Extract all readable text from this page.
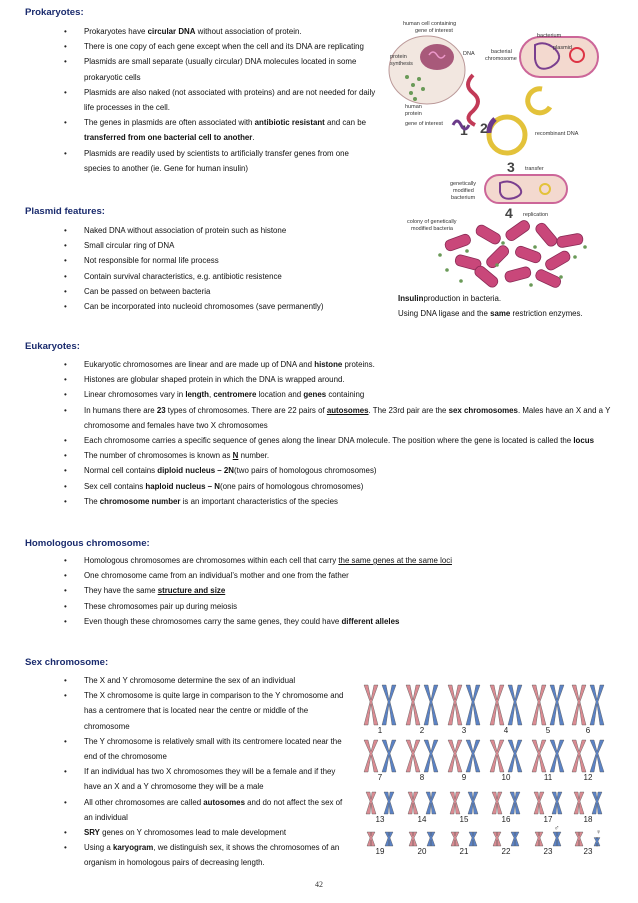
Prokaryotes:
• Prokaryotes have circular DNA without association of protein.
• There is one copy of each gene except when the cell and its DNA are replicating
• Plasmids are small separate (usually circular) DNA molecules located in some prokaryotic cells
• Plasmids are also naked (not associated with proteins) and are not needed for daily life processes in the cell.
• The genes in plasmids are often associated with antibiotic resistant and can be transferred from one bacterial cell to another.
• Plasmids are readily used by scientists to artificially transfer genes from one species to another (ie. Gene for human insulin)
Plasmid features:
• Naked DNA without association of protein such as histone
• Small circular ring of DNA
• Not responsible for normal life process
• Contain survival characteristics, e.g. antibiotic resistence
• Can be passed on between bacteria
• Can be incorporated into nucleoid chromosomes (save permanently)
human cell containing
gene of interest
protein
synthesis
human
protein
DNA
1
gene of interest
bacterium
bacterial
chromosome
plasmid
2	recombinant DNA
3 transfer
genetically
modified
bacterium
4 replication
colony of genetically
modified bacteria
Insulinproduction in bacteria.
Using DNA ligase and the same restriction enzymes.
Eukaryotes:
• Eukaryotic chromosomes are linear and are made up of DNA and histone proteins.
• Histones are globular shaped protein in which the DNA is wrapped around.
• Linear chromosomes vary in length, centromere location and genes containing
• In humans there are 23 types of chromosomes. There are 22 pairs of autosomes. The 23rd pair are the sex chromosomes. Males have an X and a Y chromosome and females have two X chromosomes
• Each chromosome carries a specific sequence of genes along the linear DNA molecule. The position where the gene is located is called the locus
• The number of chromosomes is known as N number.
• Normal cell contains diploid nucleus – 2N(two pairs of homologous chromosomes)
• Sex cell contains haploid nucleus – N(one pairs of homologous chromosomes)
• The chromosome number is an important characteristics of the species
Homologous chromosome:
• Homologous chromosomes are chromosomes within each cell that carry the same genes at the same loci
• One chromosome came from an individual’s mother and one from the father
• They have the same structure and size
• These chromosomes pair up during meiosis
• Even though these chromosomes carry the same genes, they could have different alleles
Sex chromosome:
• The X and Y chromosome determine the sex of an individual
• The X chromosome is quite large in comparison to the Y chromosome and has a centromere that is located near the centre or middle of the chromosome
• The Y chromosome is relatively small with its centromere located near the end of the chromosome
• If an individual has two X chromosomes they will be a female and if they have an X and a Y chromosome they will be a male
• All other chromosomes are called autosomes and do not affect the sex of an individual
• SRY genes on Y chromosomes lead to male development
• Using a karyogram, we distinguish sex, it shows the chromosomes of an organism in homologous pairs of decreasing length.
1	2	3	4	5	6
7	8	9	10	11	12
13	14	15	16	17	18
19	20	21	22	23	23
♂
♀
42
